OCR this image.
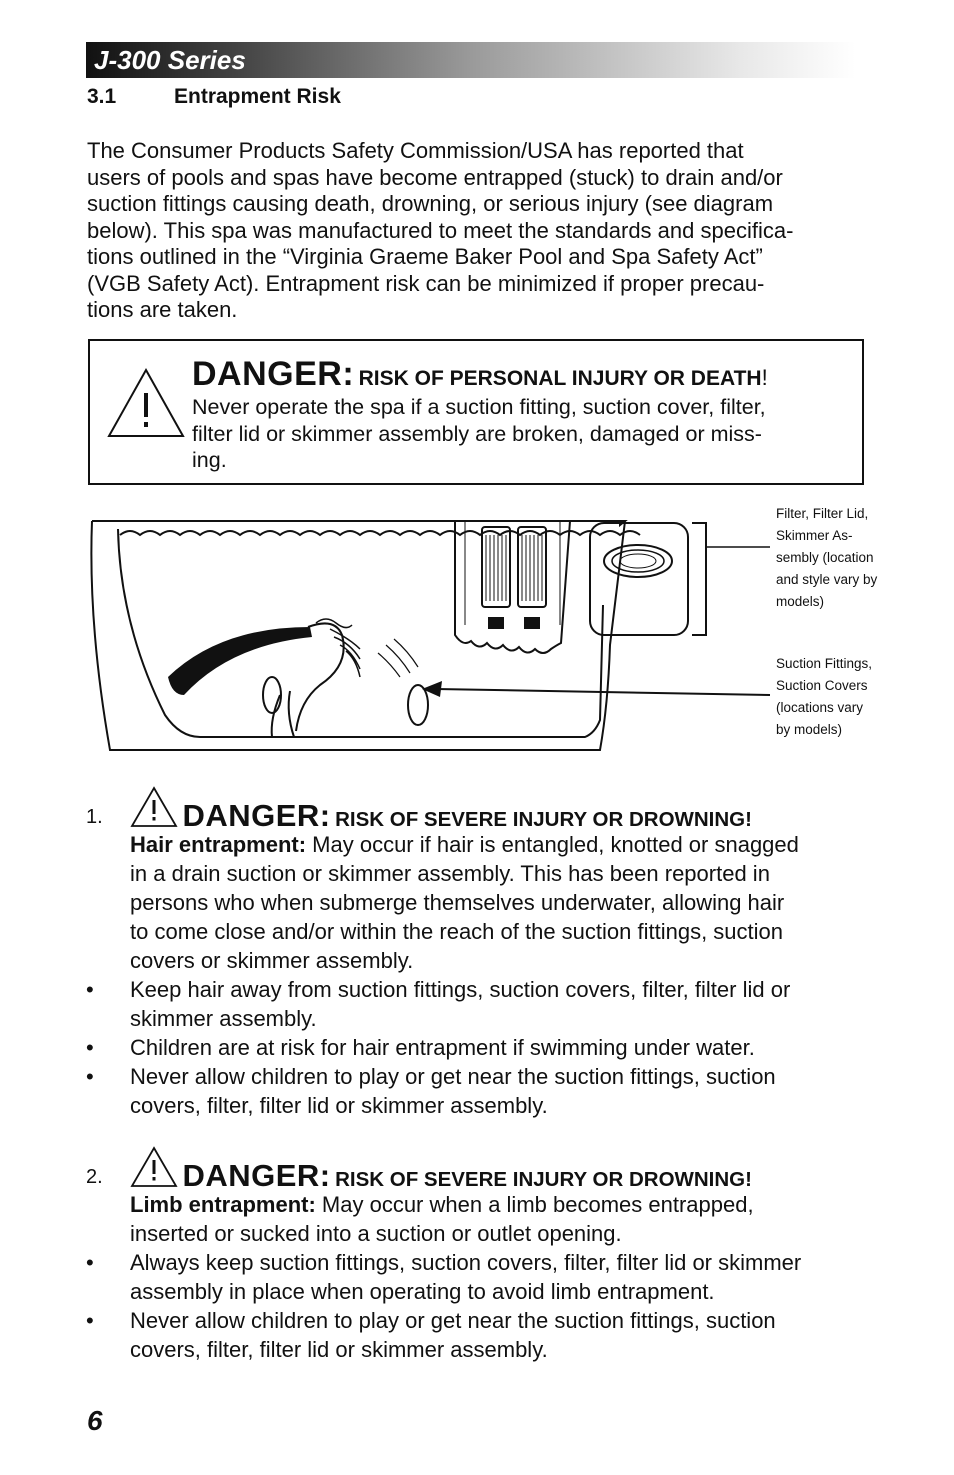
J-300 Series
3.1	Entrapment Risk
The Consumer Products Safety Commission/USA has reported that
users of pools and spas have become entrapped (stuck) to drain and/or
suction fittings causing death, drowning, or serious injury (see diagram
below). This spa was manufactured to meet the standards and specifica-
tions outlined in the “Virginia Graeme Baker Pool and Spa Safety Act”
(VGB Safety Act). Entrapment risk can be minimized if proper precau-
tions are taken.
DANGER: RISK OF PERSONAL INJURY OR DEATH!
Never operate the spa if a suction fitting, suction cover, filter,
filter lid or skimmer assembly are broken, damaged or miss-
ing.
Filter, Filter Lid,
Skimmer As-
sembly (location
and style vary by
models)
Suction Fittings,
Suction Covers
(locations vary
by models)
1.	DANGER: RISK OF SEVERE INJURY OR DROWNING!
Hair entrapment: May occur if hair is entangled, knotted or snagged
in a drain suction or skimmer assembly. This has been reported in
persons who when submerge themselves underwater, allowing hair
to come close and/or within the reach of the suction fittings, suction
covers or skimmer assembly.
• Keep hair away from suction fittings, suction covers, filter, filter lid or
skimmer assembly.
• Children are at risk for hair entrapment if swimming under water.
• Never allow children to play or get near the suction fittings, suction
covers, filter, filter lid or skimmer assembly.
2.	DANGER: RISK OF SEVERE INJURY OR DROWNING!
Limb entrapment: May occur when a limb becomes entrapped,
inserted or sucked into a suction or outlet opening.
• Always keep suction fittings, suction covers, filter, filter lid or skimmer
assembly in place when operating to avoid limb entrapment.
• Never allow children to play or get near the suction fittings, suction
covers, filter, filter lid or skimmer assembly.
6
